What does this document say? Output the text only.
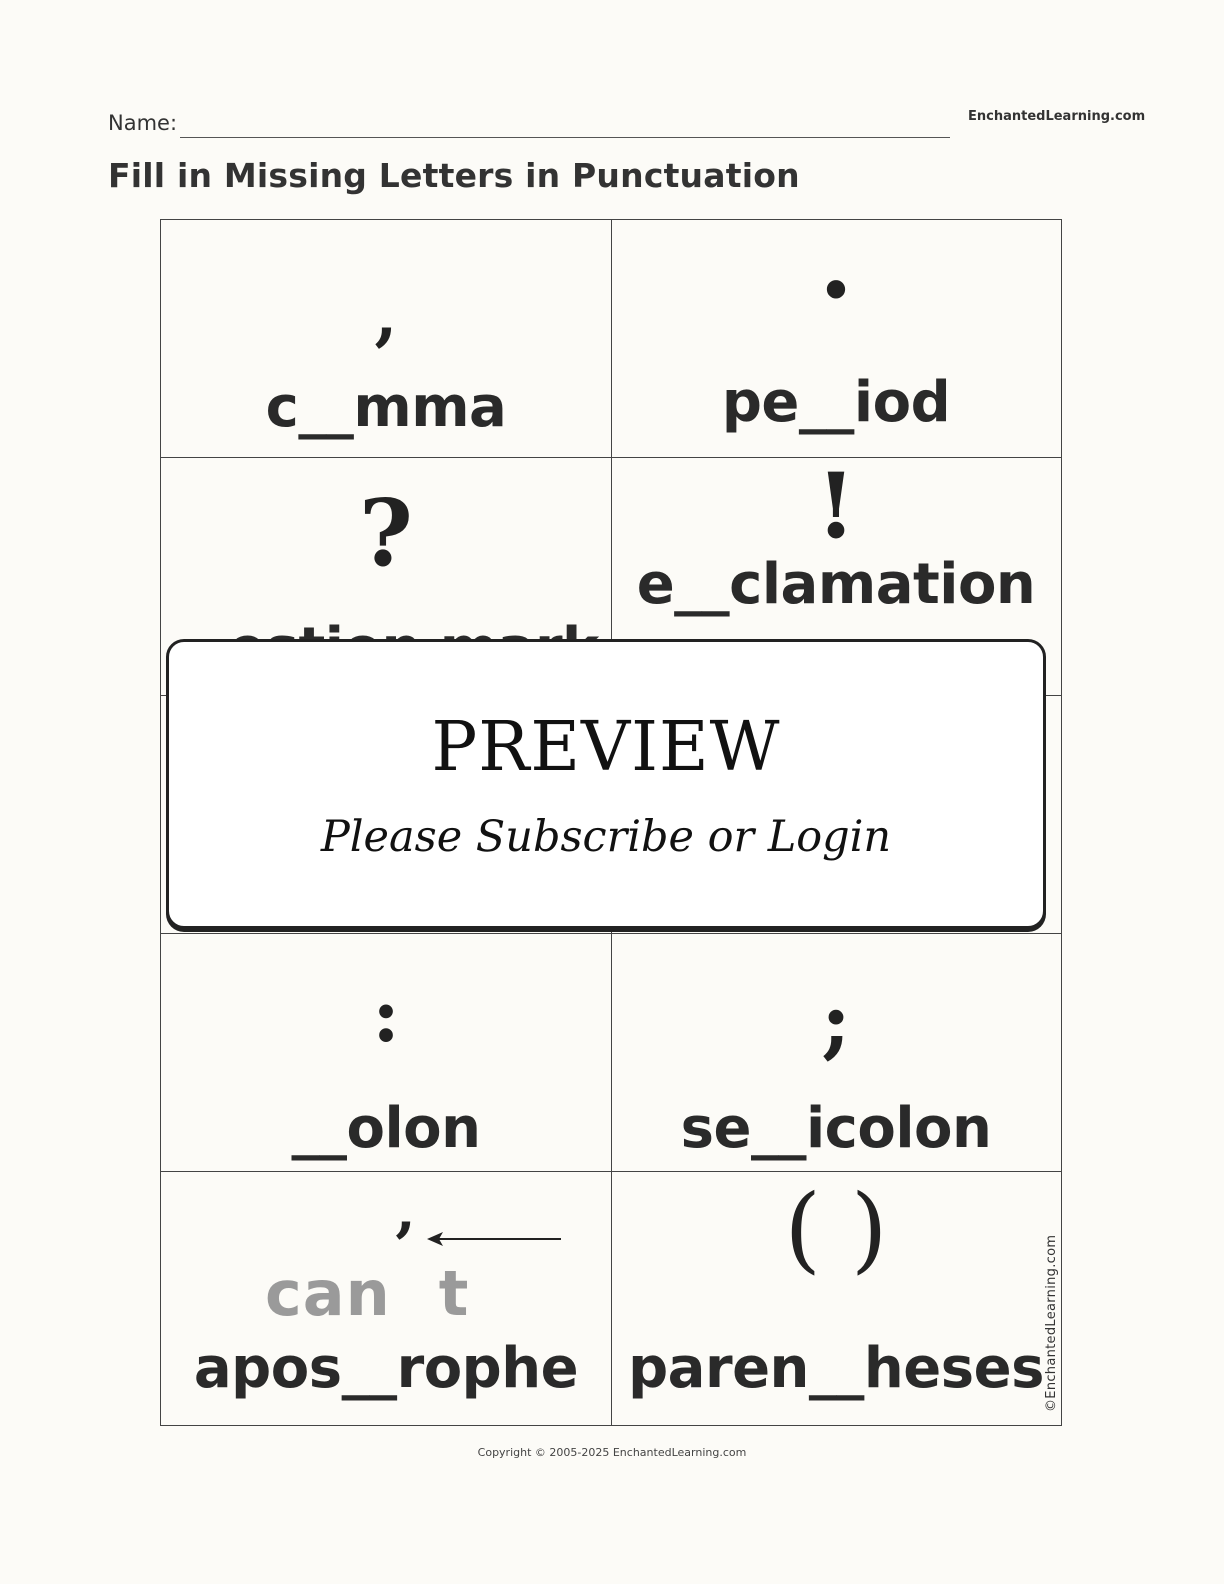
Name:	EnchantedLearning.com
Fill in Missing Letters in Punctuation
,
c__mma
•
pe__iod
?	!
e__clamation
:
__olon
;
se__icolon
can t
’
apos__rophe
( )
paren__heses ©EnchantedLearning.com
PREVIEW
Please Subscribe or Login
Copyright © 2005-2025 EnchantedLearning.com
